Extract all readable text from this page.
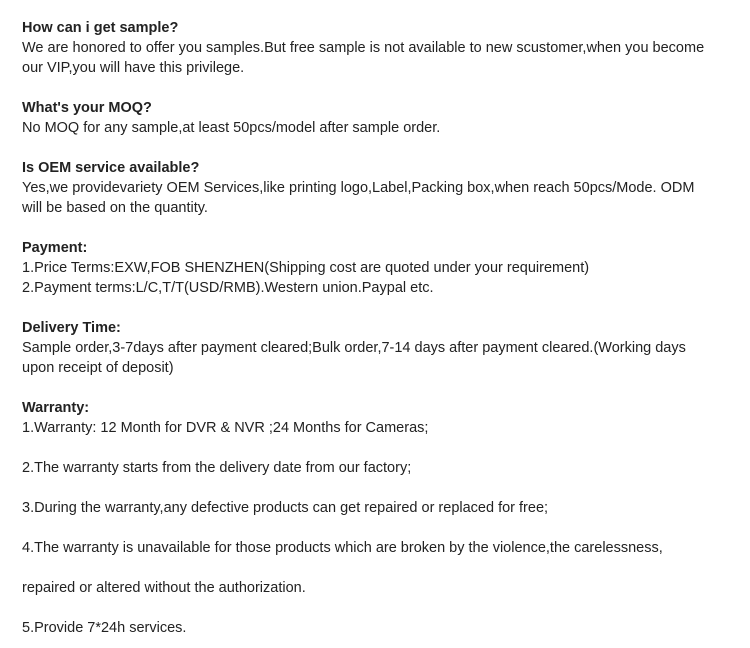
How can i get sample?
We are honored to offer you samples.But free sample is not available to new scustomer,when you become
our VIP,you will have this privilege.
What's your MOQ?
No MOQ for any sample,at least 50pcs/model after sample order.
Is OEM service available?
Yes,we providevariety OEM Services,like printing logo,Label,Packing box,when reach 50pcs/Mode. ODM
will be based on the quantity.
Payment:
1.Price Terms:EXW,FOB SHENZHEN(Shipping cost are quoted under your requirement)
2.Payment terms:L/C,T/T(USD/RMB).Western union.Paypal etc.
Delivery Time:
Sample order,3-7days after payment cleared;Bulk order,7-14 days after payment cleared.(Working days
upon receipt of deposit)
Warranty:
1.Warranty: 12 Month for DVR & NVR ;24 Months for Cameras;
2.The warranty starts from the delivery date from our factory;
3.During the warranty,any defective products can get repaired or replaced for free;
4.The warranty is unavailable for those products which are broken by the violence,the carelessness,
repaired or altered without the authorization.
5.Provide 7*24h services.
